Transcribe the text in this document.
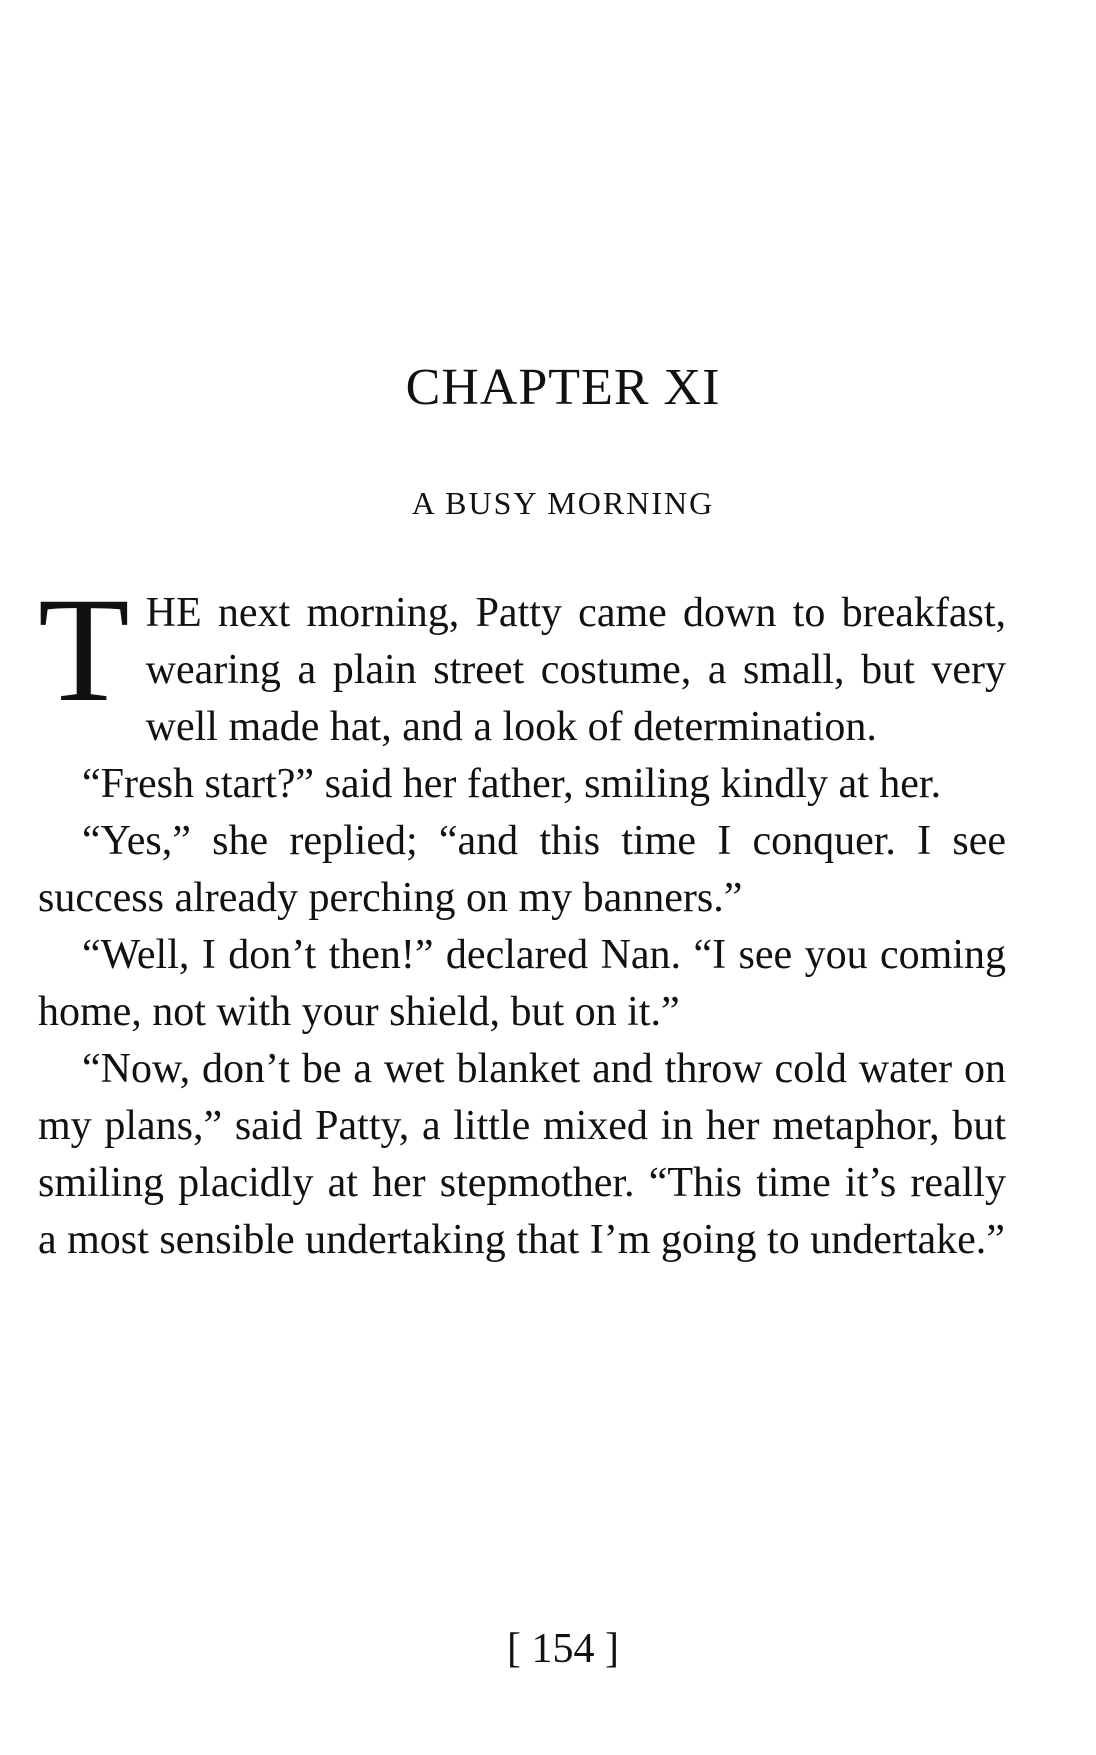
CHAPTER XI
A BUSY MORNING

THE next morning, Patty came down to breakfast, wearing a plain street costume, a small, but very well made hat, and a look of determination.

“Fresh start?” said her father, smiling kindly at her.

“Yes,” she replied; “and this time I conquer. I see success already perching on my banners.”

“Well, I don’t then!” declared Nan. “I see you coming home, not with your shield, but on it.”

“Now, don’t be a wet blanket and throw cold water on my plans,” said Patty, a little mixed in her metaphor, but smiling placidly at her stepmother. “This time it’s really a most sensible undertaking that I’m going to undertake.”

[ 154 ]
